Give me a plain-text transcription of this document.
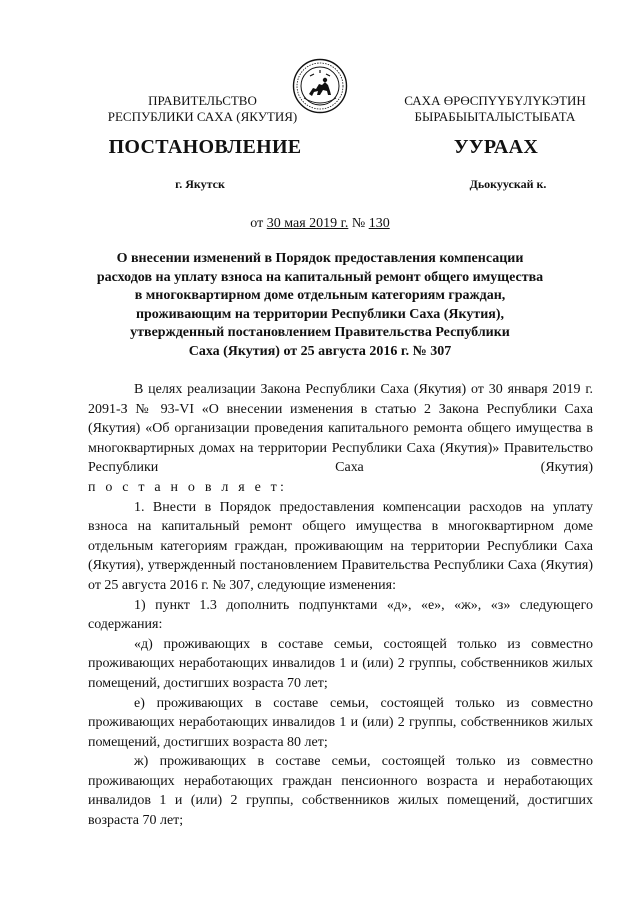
ПРАВИТЕЛЬСТВО
РЕСПУБЛИКИ САХА (ЯКУТИЯ)
САХА ӨРӨСПҮҮБҮЛҮКЭТИН
БЫРАБЫЫТАЛЫСТЫБАТА
ПОСТАНОВЛЕНИЕ	УУРААХ
г. Якутск	Дьокуускай к.
от 30 мая 2019 г. № 130
О внесении изменений в Порядок предоставления компенсации
расходов на уплату взноса на капитальный ремонт общего имущества
в многоквартирном доме отдельным категориям граждан,
проживающим на территории Республики Саха (Якутия),
утвержденный постановлением Правительства Республики
Саха (Якутия) от 25 августа 2016 г. № 307

В целях реализации Закона Республики Саха (Якутия) от 30 января 2019 г. 2091-З № 93-VI «О внесении изменения в статью 2 Закона Республики Саха (Якутия) «Об организации проведения капитального ремонта общего имущества в многоквартирных домах на территории Республики Саха (Якутия)» Правительство Республики Саха (Якутия)

п о с т а н о в л я е т:

1. Внести в Порядок предоставления компенсации расходов на уплату взноса на капитальный ремонт общего имущества в многоквартирном доме отдельным категориям граждан, проживающим на территории Республики Саха (Якутия), утвержденный постановлением Правительства Республики Саха (Якутия) от 25 августа 2016 г. № 307, следующие изменения:

1) пункт 1.3 дополнить подпунктами «д», «е», «ж», «з» следующего содержания:

«д) проживающих в составе семьи, состоящей только из совместно проживающих неработающих инвалидов 1 и (или) 2 группы, собственников жилых помещений, достигших возраста 70 лет;

е) проживающих в составе семьи, состоящей только из совместно проживающих неработающих инвалидов 1 и (или) 2 группы, собственников жилых помещений, достигших возраста 80 лет;

ж) проживающих в составе семьи, состоящей только из совместно проживающих неработающих граждан пенсионного возраста и неработающих инвалидов 1 и (или) 2 группы, собственников жилых помещений, достигших возраста 70 лет;
